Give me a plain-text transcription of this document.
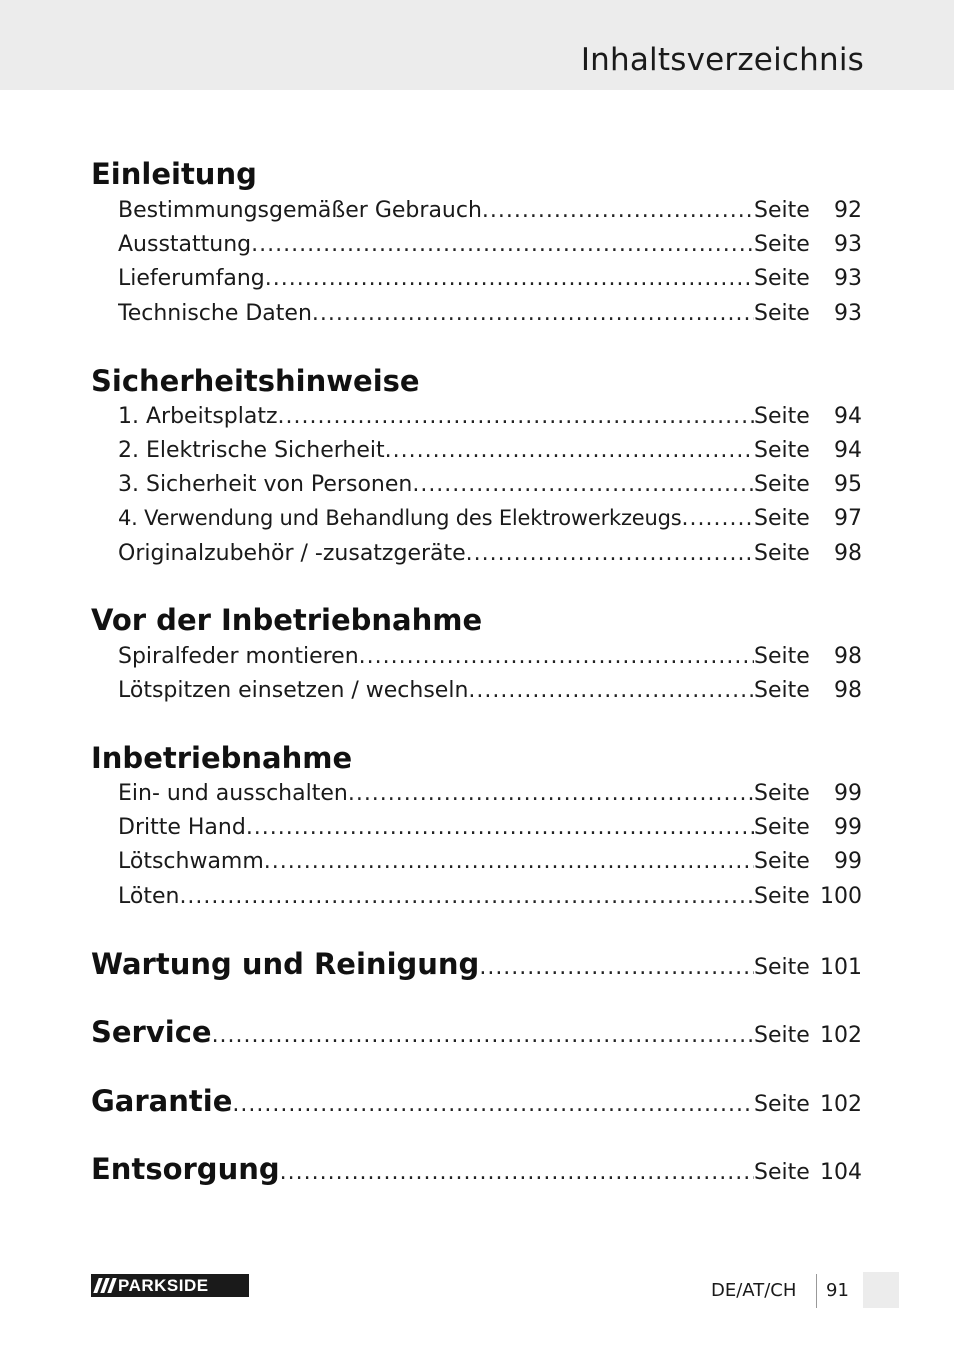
Inhaltsverzeichnis
Einleitung
Bestimmungsgemäßer Gebrauch .....	Seite	92
Ausstattung .....	Seite	93
Lieferumfang .....	Seite	93
Technische Daten .....	Seite	93
Sicherheitshinweise
1. Arbeitsplatz .....	Seite	94
2. Elektrische Sicherheit .....	Seite	94
3. Sicherheit von Personen .....	Seite	95
4. Verwendung und Behandlung des Elektrowerkzeugs .....	Seite	97
Originalzubehör / -zusatzgeräte .....	Seite	98
Vor der Inbetriebnahme
Spiralfeder montieren .....	Seite	98
Lötspitzen einsetzen / wechseln .....	Seite	98
Inbetriebnahme
Ein- und ausschalten .....	Seite	99
Dritte Hand .....	Seite	99
Lötschwamm .....	Seite	99
Löten .....	Seite 100
Wartung und Reinigung .....	Seite 101
Service .....	Seite 102
Garantie .....	Seite 102
Entsorgung .....	Seite 104
PARKSIDE	DE/AT/CH 91
